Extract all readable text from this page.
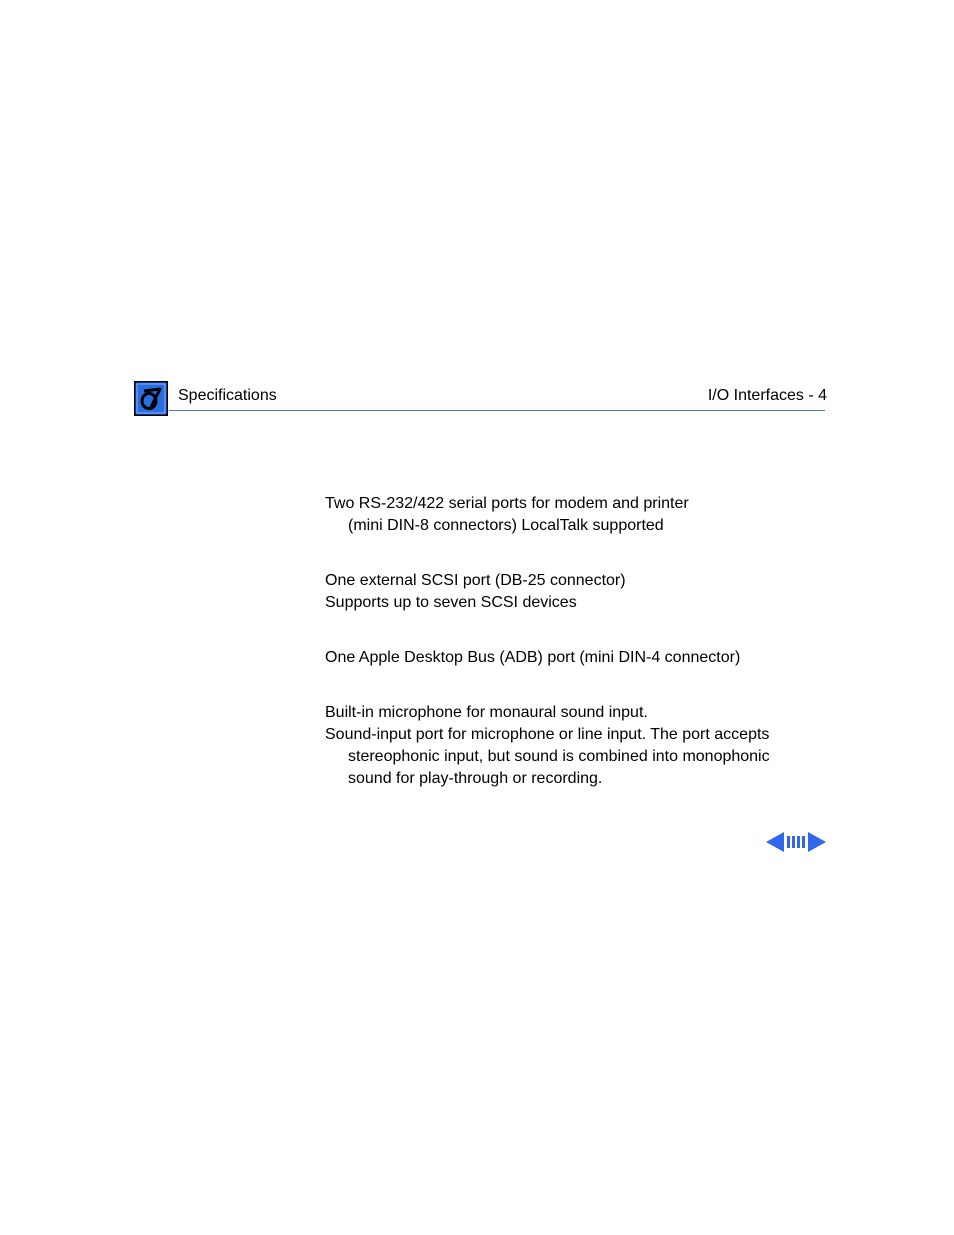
Specifications	I/O Interfaces - 4

Two RS-232/422 serial ports for modem and printer
(mini DIN-8 connectors) LocalTalk supported

One external SCSI port (DB-25 connector)
Supports up to seven SCSI devices

One Apple Desktop Bus (ADB) port (mini DIN-4 connector)

Built-in microphone for monaural sound input.
Sound-input port for microphone or line input. The port accepts
stereophonic input, but sound is combined into monophonic
sound for play-through or recording.
